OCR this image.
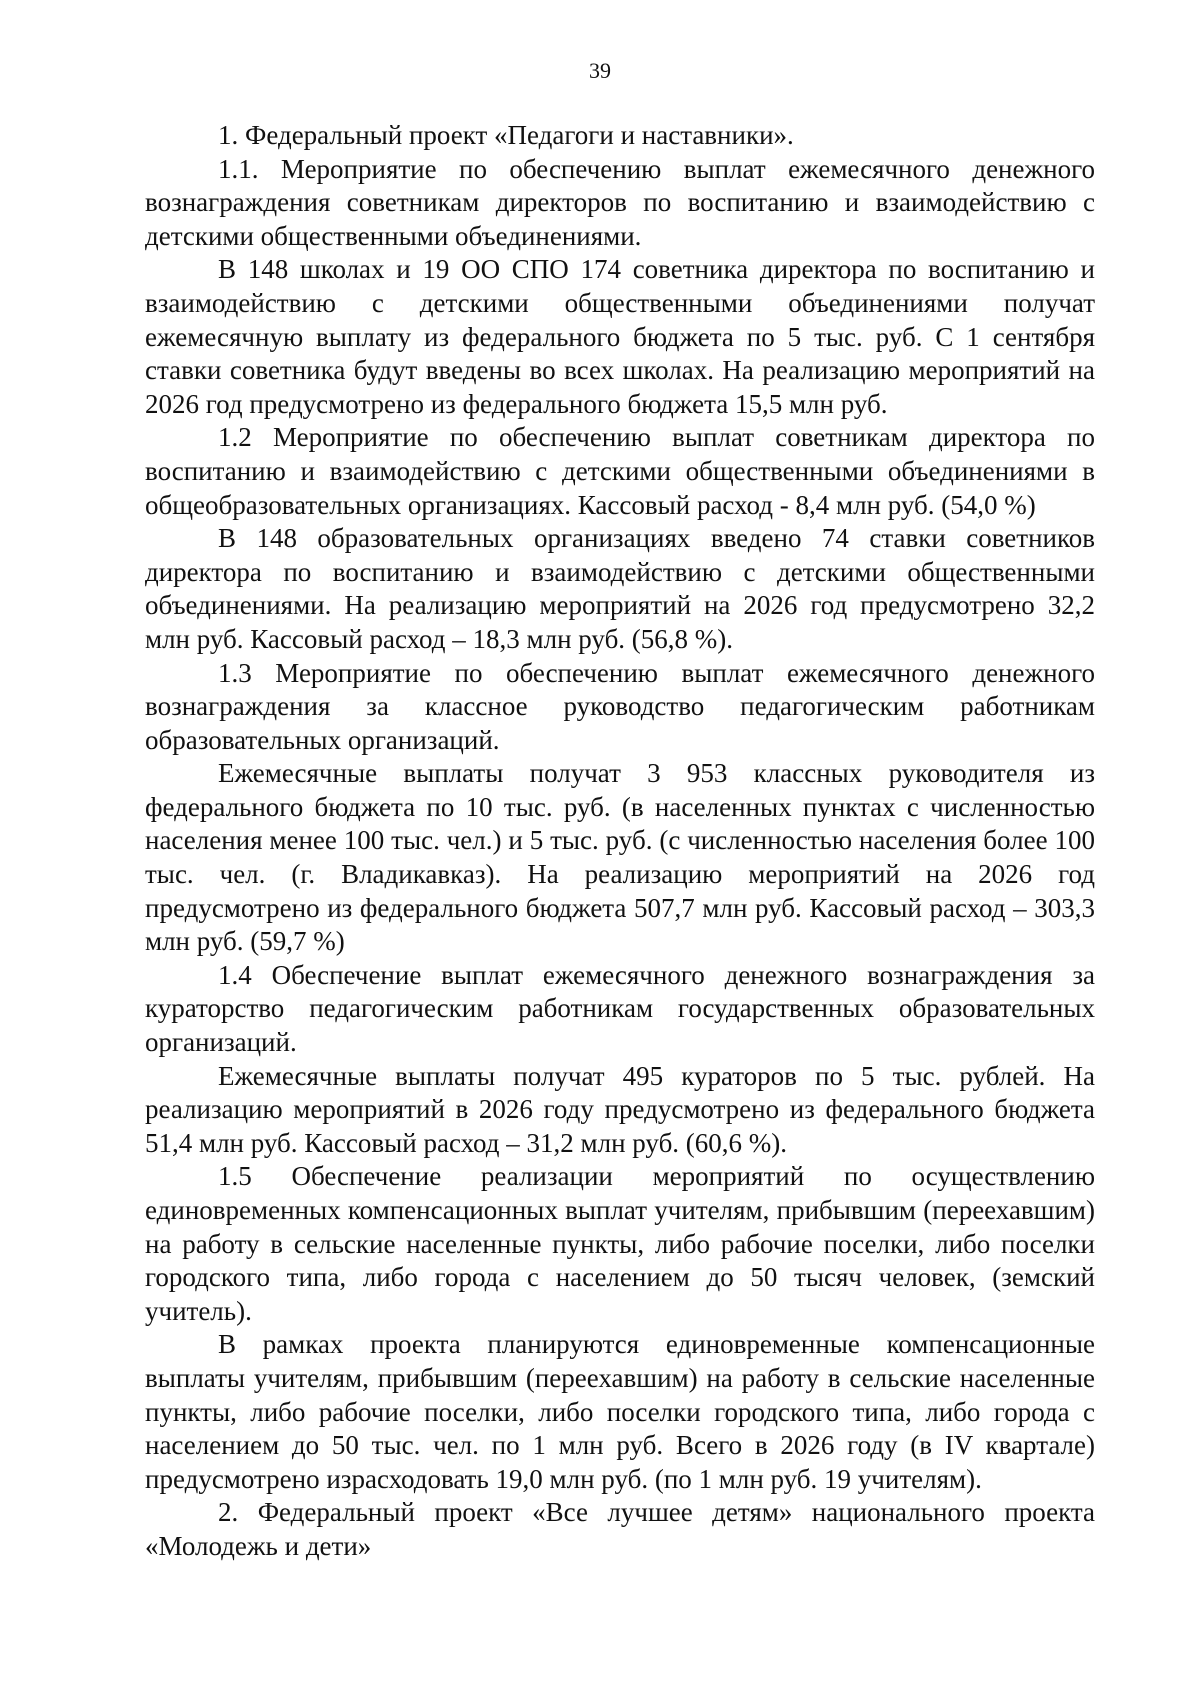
39

1. Федеральный проект «Педагоги и наставники».

1.1. Мероприятие по обеспечению выплат ежемесячного денежного вознаграждения советникам директоров по воспитанию и взаимодействию с детскими общественными объединениями.

В 148 школах и 19 ОО СПО 174 советника директора по воспитанию и взаимодействию с детскими общественными объединениями получат ежемесячную выплату из федерального бюджета по 5 тыс. руб. С 1 сентября ставки советника будут введены во всех школах. На реализацию мероприятий на 2026 год предусмотрено из федерального бюджета 15,5 млн руб.

1.2 Мероприятие по обеспечению выплат советникам директора по воспитанию и взаимодействию с детскими общественными объединениями в общеобразовательных организациях. Кассовый расход - 8,4 млн руб. (54,0 %)

В 148 образовательных организациях введено 74 ставки советников директора по воспитанию и взаимодействию с детскими общественными объединениями. На реализацию мероприятий на 2026 год предусмотрено 32,2 млн руб. Кассовый расход – 18,3 млн руб. (56,8 %).

1.3 Мероприятие по обеспечению выплат ежемесячного денежного вознаграждения за классное руководство педагогическим работникам образовательных организаций.

Ежемесячные выплаты получат 3 953 классных руководителя из федерального бюджета по 10 тыс. руб. (в населенных пунктах с численностью населения менее 100 тыс. чел.) и 5 тыс. руб. (с численностью населения более 100 тыс. чел. (г. Владикавказ). На реализацию мероприятий на 2026 год предусмотрено из федерального бюджета 507,7 млн руб. Кассовый расход – 303,3 млн руб. (59,7 %)

1.4 Обеспечение выплат ежемесячного денежного вознаграждения за кураторство педагогическим работникам государственных образовательных организаций.

Ежемесячные выплаты получат 495 кураторов по 5 тыс. рублей. На реализацию мероприятий в 2026 году предусмотрено из федерального бюджета 51,4 млн руб. Кассовый расход – 31,2 млн руб. (60,6 %).

1.5 Обеспечение реализации мероприятий по осуществлению единовременных компенсационных выплат учителям, прибывшим (переехавшим) на работу в сельские населенные пункты, либо рабочие поселки, либо поселки городского типа, либо города с населением до 50 тысяч человек, (земский учитель).

В рамках проекта планируются единовременные компенсационные выплаты учителям, прибывшим (переехавшим) на работу в сельские населенные пункты, либо рабочие поселки, либо поселки городского типа, либо города с населением до 50 тыс. чел. по 1 млн руб. Всего в 2026 году (в IV квартале) предусмотрено израсходовать 19,0 млн руб. (по 1 млн руб. 19 учителям).

2. Федеральный проект «Все лучшее детям» национального проекта «Молодежь и дети»
